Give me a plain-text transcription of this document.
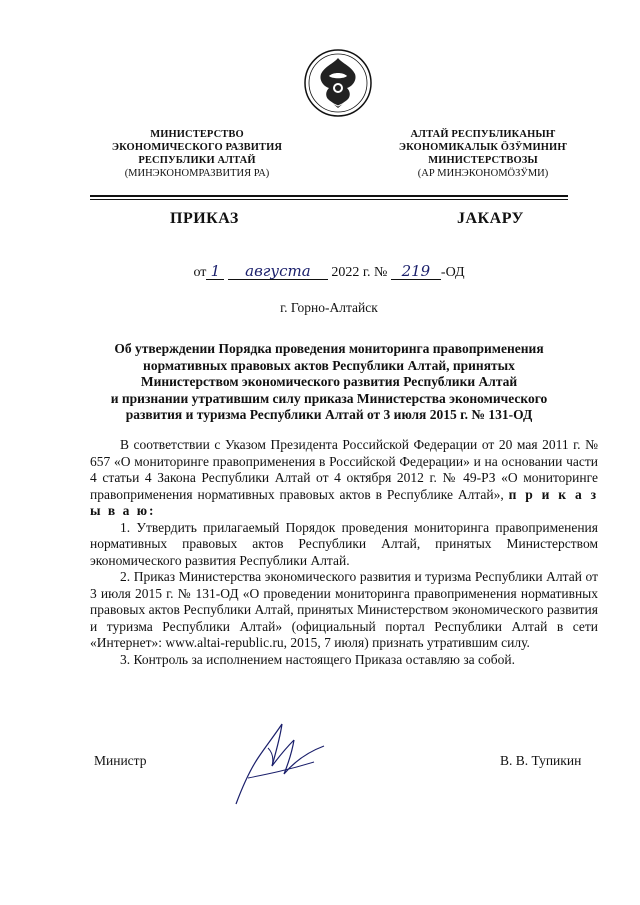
МИНИСТЕРСТВО
ЭКОНОМИЧЕСКОГО РАЗВИТИЯ
РЕСПУБЛИКИ АЛТАЙ
(МИНЭКОНОМРАЗВИТИЯ РА)
АЛТАЙ РЕСПУБЛИКАНЫҤ
ЭКОНОМИКАЛЫК ÖЗӰМИНИҤ
МИНИСТЕРСТВОЗЫ
(АР МИНЭКОНОМÖЗӰМИ)
ПРИКАЗ	ЈАКАРУ
от 1 августа 2022 г. № 219 -ОД
г. Горно-Алтайск
Об утверждении Порядка проведения мониторинга правоприменения
нормативных правовых актов Республики Алтай, принятых
Министерством экономического развития Республики Алтай
и признании утратившим силу приказа Министерства экономического
развития и туризма Республики Алтай от 3 июля 2015 г. № 131-ОД

В соответствии с Указом Президента Российской Федерации от 20 мая 2011 г. № 657 «О мониторинге правоприменения в Российской Федерации» и на основании части 4 статьи 4 Закона Республики Алтай от 4 октября 2012 г. № 49-РЗ «О мониторинге правоприменения нормативных правовых актов в Республике Алтай», п р и к а з ы в а ю:

1. Утвердить прилагаемый Порядок проведения мониторинга правоприменения нормативных правовых актов Республики Алтай, принятых Министерством экономического развития Республики Алтай.

2. Приказ Министерства экономического развития и туризма Республики Алтай от 3 июля 2015 г. № 131-ОД «О проведении мониторинга правоприменения нормативных правовых актов Республики Алтай, принятых Министерством экономического развития и туризма Республики Алтай» (официальный портал Республики Алтай в сети «Интернет»: www.altai-republic.ru, 2015, 7 июля) признать утратившим силу.

3. Контроль за исполнением настоящего Приказа оставляю за собой.

Министр	В. В. Тупикин
